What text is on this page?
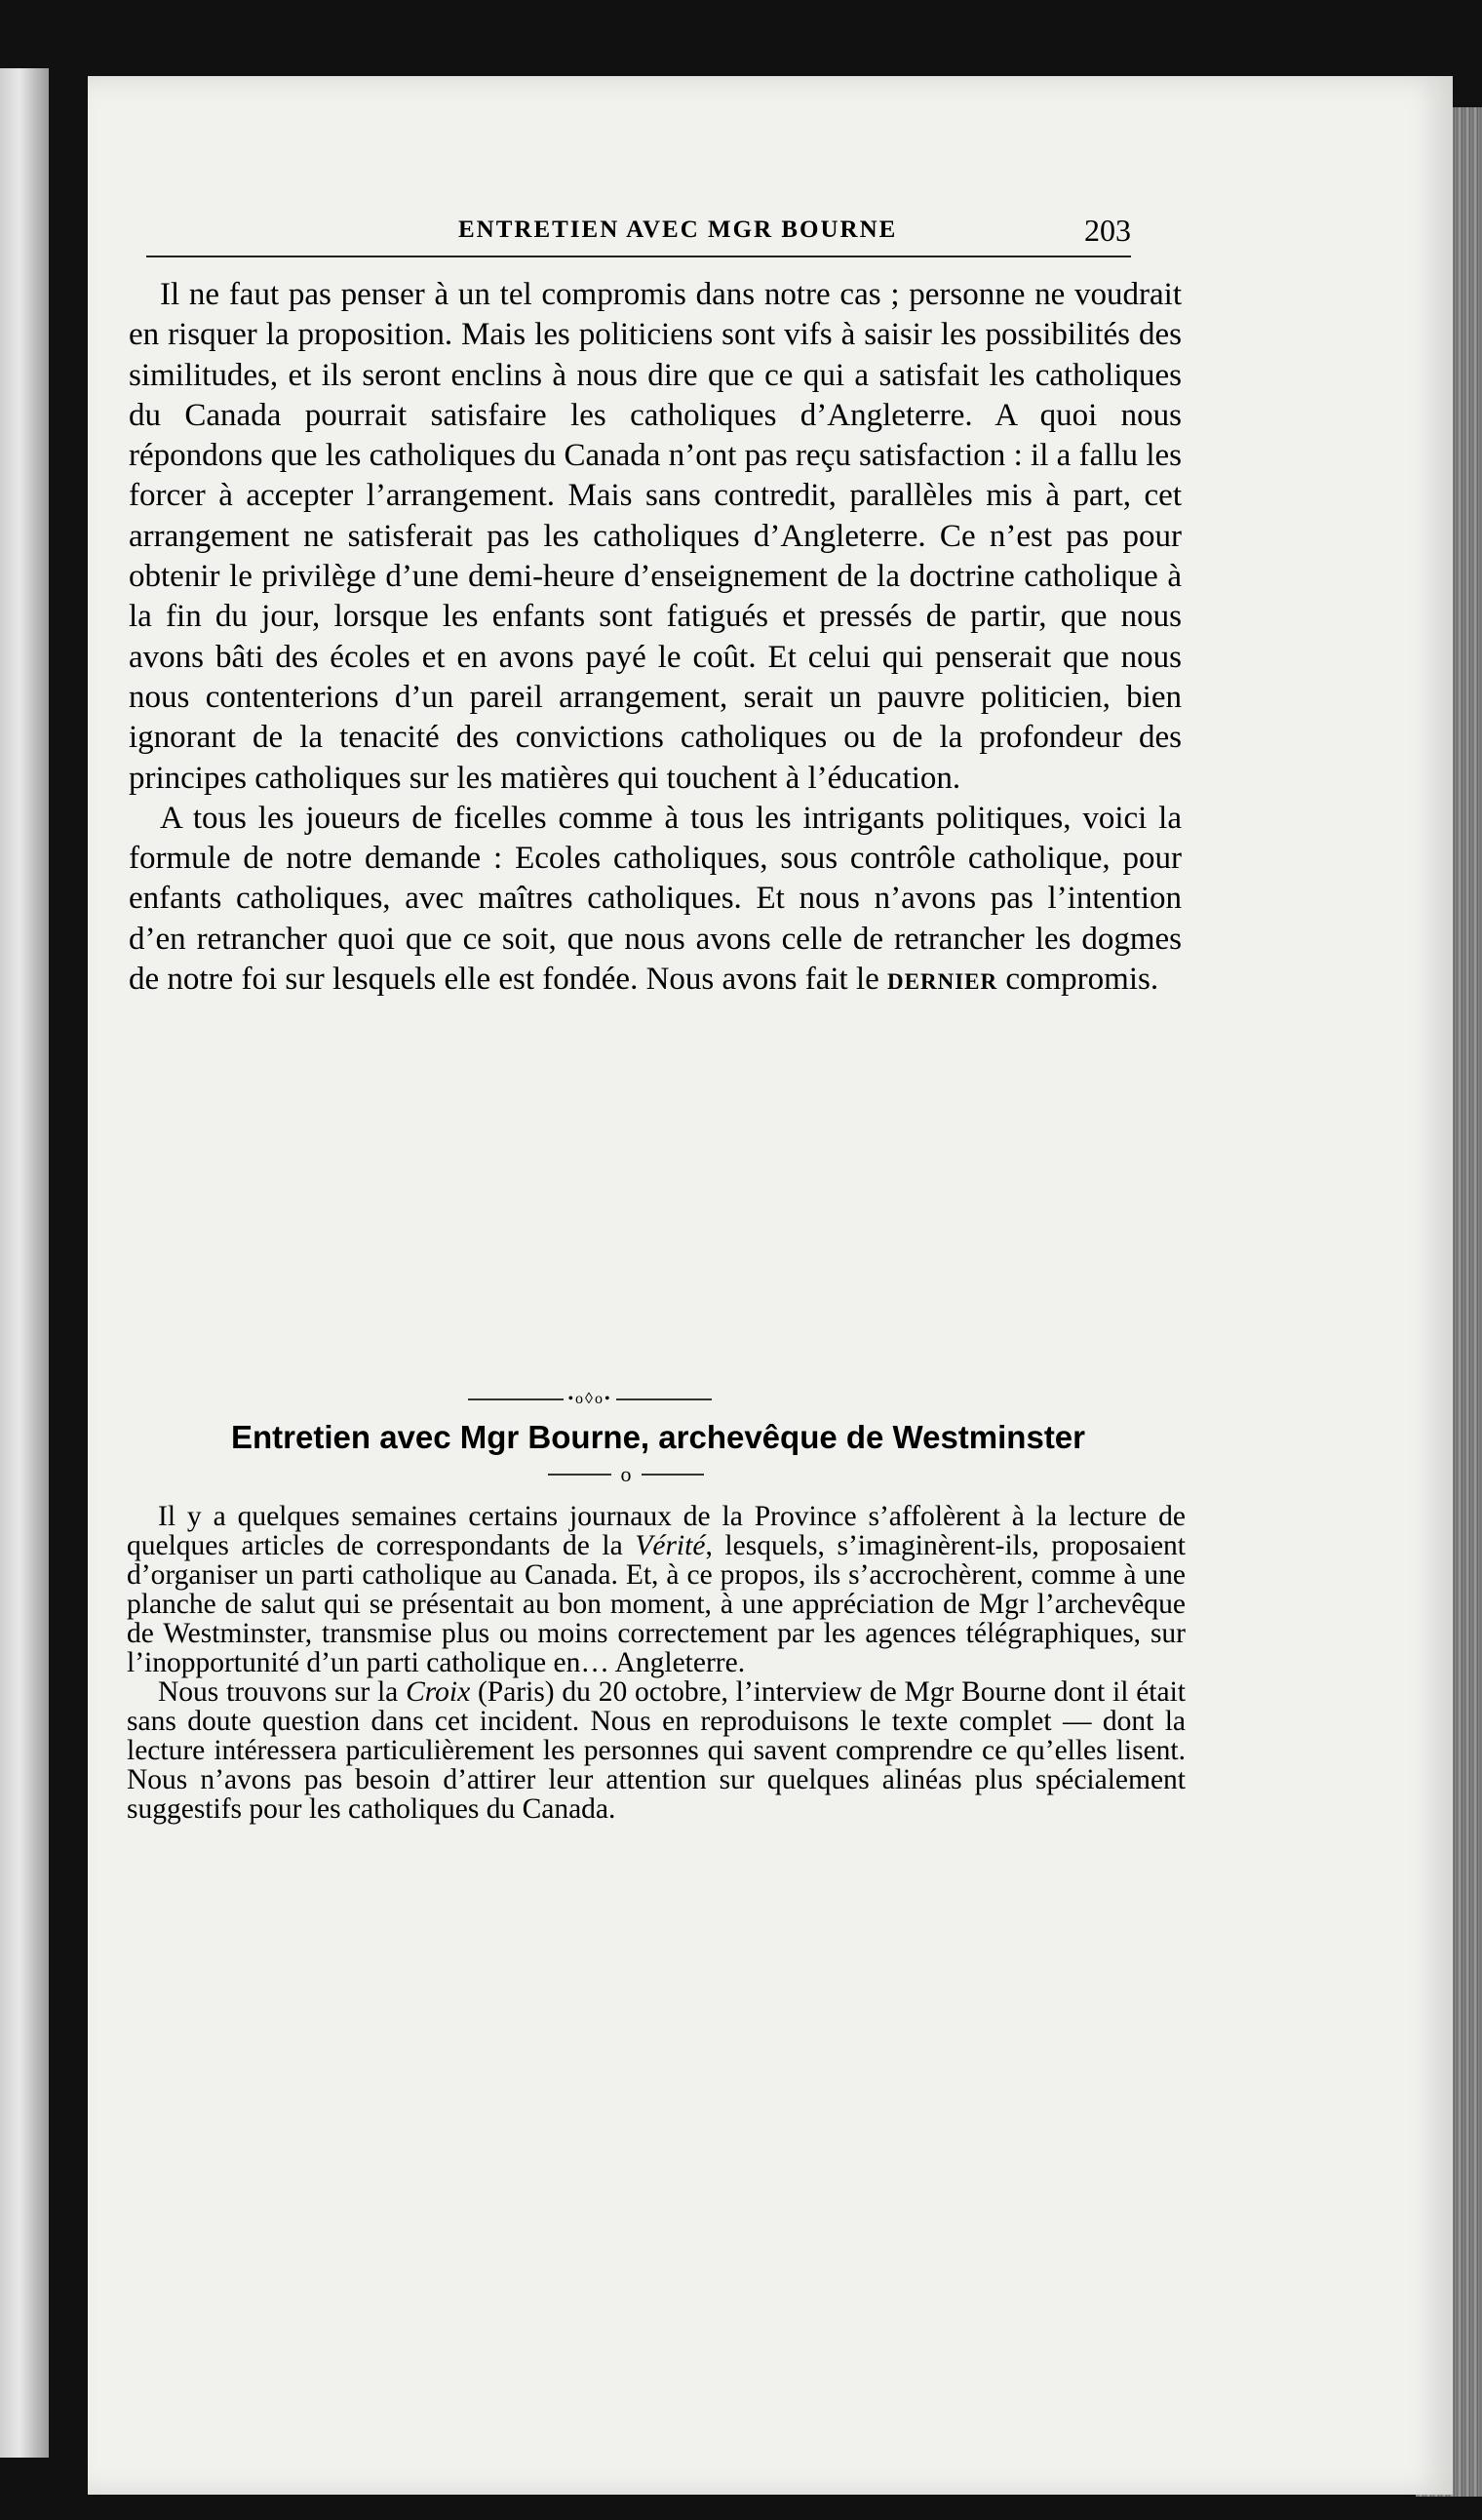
ENTRETIEN AVEC MGR BOURNE	203

Il ne faut pas penser à un tel compromis dans notre cas ; personne ne voudrait en risquer la proposition. Mais les politiciens sont vifs à saisir les possibilités des similitudes, et ils seront enclins à nous dire que ce qui a satisfait les catholiques du Canada pourrait satisfaire les catholiques d’Angleterre. A quoi nous répondons que les catholiques du Canada n’ont pas reçu satisfaction : il a fallu les forcer à accepter l’arrangement. Mais sans contredit, parallèles mis à part, cet arrangement ne satisferait pas les catholiques d’Angleterre. Ce n’est pas pour obtenir le privilège d’une demi-heure d’enseignement de la doctrine catholique à la fin du jour, lorsque les enfants sont fatigués et pressés de partir, que nous avons bâti des écoles et en avons payé le coût. Et celui qui penserait que nous nous contenterions d’un pareil arrangement, serait un pauvre politicien, bien ignorant de la tenacité des convictions catholiques ou de la profondeur des principes catholiques sur les matières qui touchent à l’éducation.

A tous les joueurs de ficelles comme à tous les intrigants politiques, voici la formule de notre demande : Ecoles catholiques, sous contrôle catholique, pour enfants catholiques, avec maîtres catholiques. Et nous n’avons pas l’intention d’en retrancher quoi que ce soit, que nous avons celle de retrancher les dogmes de notre foi sur lesquels elle est fondée. Nous avons fait le dernier compromis.

•ο◊ο•
Entretien avec Mgr Bourne, archevêque de Westminster
o

Il y a quelques semaines certains journaux de la Province s’affolèrent à la lecture de quelques articles de correspondants de la Vérité, lesquels, s’imaginèrent-ils, proposaient d’organiser un parti catholique au Canada. Et, à ce propos, ils s’accrochèrent, comme à une planche de salut qui se présentait au bon moment, à une appréciation de Mgr l’archevêque de Westminster, transmise plus ou moins correctement par les agences télégraphiques, sur l’inopportunité d’un parti catholique en… Angleterre.

Nous trouvons sur la Croix (Paris) du 20 octobre, l’interview de Mgr Bourne dont il était sans doute question dans cet incident. Nous en reproduisons le texte complet — dont la lecture intéressera particulièrement les personnes qui savent comprendre ce qu’elles lisent. Nous n’avons pas besoin d’attirer leur attention sur quelques alinéas plus spécialement suggestifs pour les catholiques du Canada.
